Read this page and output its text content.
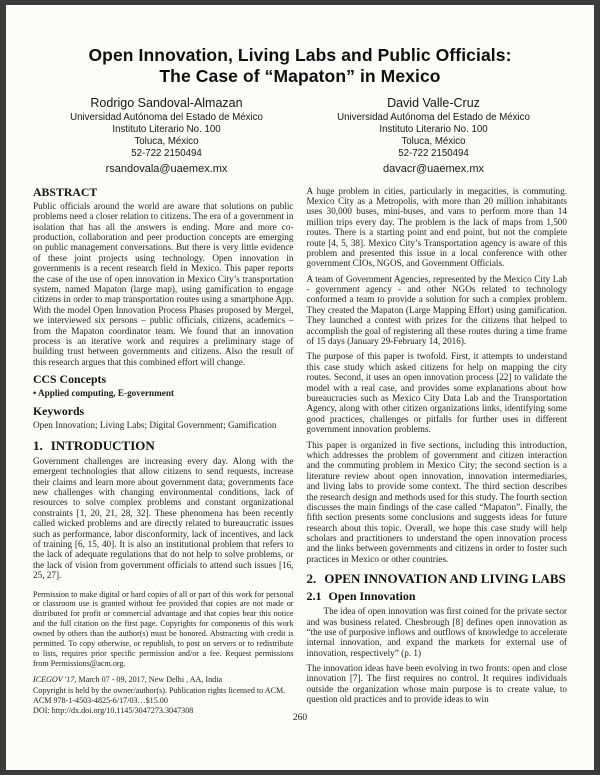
Open Innovation, Living Labs and Public Officials:
The Case of “Mapaton” in Mexico
Rodrigo Sandoval-Almazan
Universidad Autónoma del Estado de México
Instituto Literario No. 100
Toluca, México
52-722 2150494
rsandovala@uaemex.mx
David Valle-Cruz
Universidad Autónoma del Estado de México
Instituto Literario No. 100
Toluca, México
52-722 2150494
davacr@uaemex.mx
ABSTRACT

Public officials around the world are aware that solutions on public problems need a closer relation to citizens. The era of a government in isolation that has all the answers is ending. More and more co-production, collaboration and peer production concepts are emerging on public management conversations. But there is very little evidence of these joint projects using technology. Open innovation in governments is a recent research field in Mexico. This paper reports the case of the use of open innovation in Mexico City’s transportation system, named Mapaton (large map), using gamification to engage citizens in order to map transportation routes using a smartphone App. With the model Open Innovation Process Phases proposed by Mergel, we interviewed six persons – public officials, citizens, academics – from the Mapaton coordinator team. We found that an innovation process is an iterative work and requires a preliminary stage of building trust between governments and citizens. Also the result of this research argues that this combined effort will change.

CCS Concepts

• Applied computing, E-government

Keywords

Open Innovation; Living Labs; Digital Government; Gamification

1. INTRODUCTION

Government challenges are increasing every day. Along with the emergent technologies that allow citizens to send requests, increase their claims and learn more about government data; governments face new challenges with changing environmental conditions, lack of resources to solve complex problems and constant organizational constraints [1, 20, 21, 28, 32]. These phenomena has been recently called wicked problems and are directly related to bureaucratic issues such as performance, labor disconformity, lack of incentives, and lack of training [6, 15, 40]. It is also an institutional problem that refers to the lack of adequate regulations that do not help to solve problems, or the lack of vision from government officials to attend such issues [16, 25, 27].

Permission to make digital or hard copies of all or part of this work for personal or classroom use is granted without fee provided that copies are not made or distributed for profit or commercial advantage and that copies bear this notice and the full citation on the first page. Copyrights for components of this work owned by others than the author(s) must be honored. Abstracting with credit is permitted. To copy otherwise, or republish, to post on servers or to redistribute to lists, requires prior specific permission and/or a fee. Request permissions from Permissions@acm.org.

ICEGOV '17, March 07 - 09, 2017, New Delhi , AA, India
Copyright is held by the owner/author(s). Publication rights licensed to ACM.
ACM 978-1-4503-4825-6/17/03…$15.00
DOI: http://dx.doi.org/10.1145/3047273.3047308

A huge problem in cities, particularly in megacities, is commuting. Mexico City as a Metropolis, with more than 20 million inhabitants uses 30,000 buses, mini-buses, and vans to perform more than 14 million trips every day. The problem is the lack of maps from 1,500 routes. There is a starting point and end point, but not the complete route [4, 5, 38]. Mexico City’s Transportation agency is aware of this problem and presented this issue in a local conference with other government CIOs, NGOS, and Government Officials.

A team of Government Agencies, represented by the Mexico City Lab - government agency - and other NGOs related to technology conformed a team to provide a solution for such a complex problem. They created the Mapaton (Large Mapping Effort) using gamification. They launched a contest with prizes for the citizens that helped to accomplish the goal of registering all these routes during a time frame of 15 days (January 29-February 14, 2016).

The purpose of this paper is twofold. First, it attempts to understand this case study which asked citizens for help on mapping the city routes. Second, it uses an open innovation process [22] to validate the model with a real case, and provides some explanations about how bureaucracies such as Mexico City Data Lab and the Transportation Agency, along with other citizen organizations links, identifying some good practices, challenges or pitfalls for further uses in different government innovation problems.

This paper is organized in five sections, including this introduction, which addresses the problem of government and citizen interaction and the commuting problem in Mexico City; the second section is a literature review about open innovation, innovation intermediaries, and living labs to provide some context. The third section describes the research design and methods used for this study. The fourth section discusses the main findings of the case called “Mapaton”. Finally, the fifth section presents some conclusions and suggests ideas for future research about this topic. Overall, we hope this case study will help scholars and practitioners to understand the open innovation process and the links between governments and citizens in order to foster such practices in Mexico or other countries.

2. OPEN INNOVATION AND LIVING LABS
2.1 Open Innovation

The idea of open innovation was first coined for the private sector and was business related. Chesbrough [8] defines open innovation as “the use of purposive inflows and outflows of knowledge to accelerate internal innovation, and expand the markets for external use of innovation, respectively” (p. 1)

The innovation ideas have been evolving in two fronts: open and close innovation [7]. The first requires no control. It requires individuals outside the organization whose main purpose is to create value, to question old practices and to provide ideas to win

260
